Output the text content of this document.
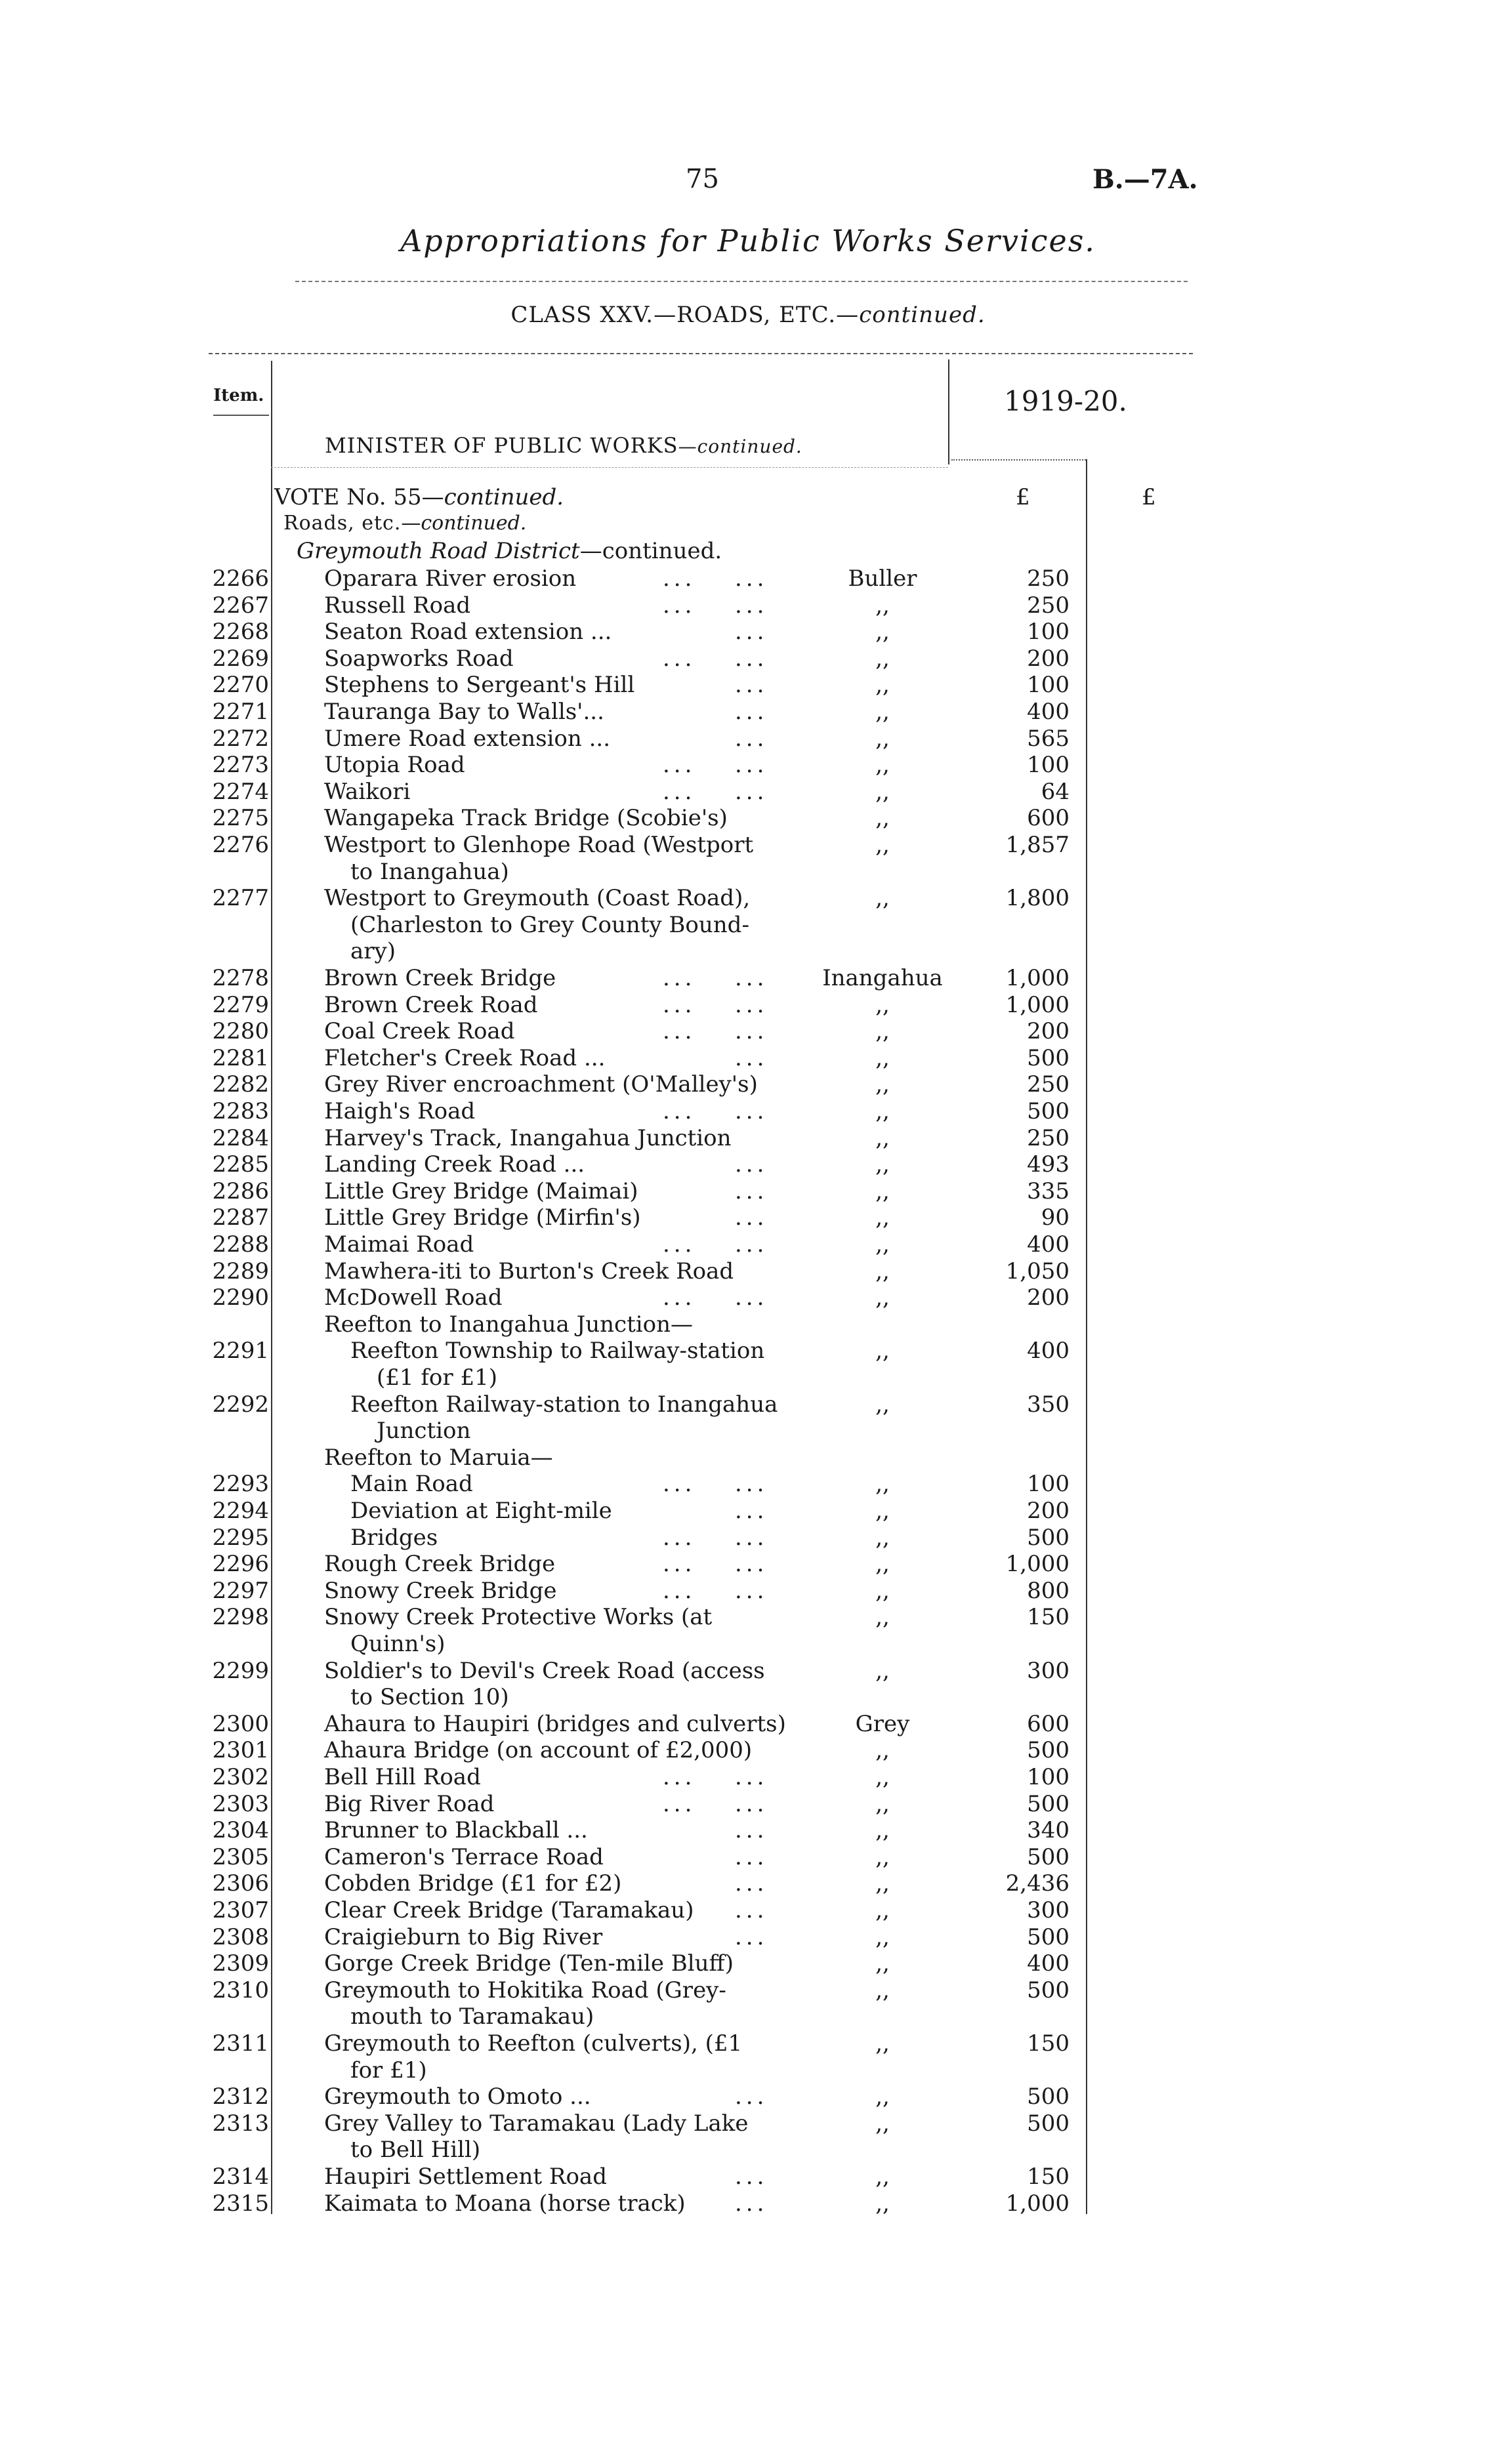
75	B.—7A.
Appropriations for Public Works Services.
CLASS XXV.—ROADS, ETC.—continued.
Item.	1919-20.
MINISTER OF PUBLIC WORKS—continued.
VOTE No. 55—continued.	£	£
Roads, etc.—continued.
Greymouth Road District—continued.
2266 Oparara River erosion	... ...	Buller	250
2267 Russell Road	... ...	,,	250
2268 Seaton Road extension ...	...	,,	100
2269 Soapworks Road	... ...	,,	200
2270 Stephens to Sergeant's Hill	...	,,	100
2271 Tauranga Bay to Walls'...	...	,,	400
2272 Umere Road extension ...	...	,,	565
2273 Utopia Road	... ...	,,	100
2274 Waikori	... ...	,,	64
2275 Wangapeka Track Bridge (Scobie's)	,,	600
2276 Westport to Glenhope Road (Westport
to Inangahua)
,,	1,857
2277 Westport to Greymouth (Coast Road),
(Charleston to Grey County Bound-
ary)
,,	1,800
2278 Brown Creek Bridge	... ...	Inangahua	1,000
2279 Brown Creek Road	... ...	,,	1,000
2280 Coal Creek Road	... ...	,,	200
2281 Fletcher's Creek Road ...	...	,,	500
2282 Grey River encroachment (O'Malley's)	,,	250
2283 Haigh's Road	... ...	,,	500
2284 Harvey's Track, Inangahua Junction	,,	250
2285 Landing Creek Road ...	...	,,	493
2286 Little Grey Bridge (Maimai)	...	,,	335
2287 Little Grey Bridge (Mirfin's)	...	,,	90
2288 Maimai Road	... ...	,,	400
2289 Mawhera-iti to Burton's Creek Road	,,	1,050
2290 McDowell Road	... ...	,,	200
Reefton to Inangahua Junction—
2291	Reefton Township to Railway-station
(£1 for £1)
,,	400
2292	Reefton Railway-station to Inangahua
Junction
,,	350
Reefton to Maruia—
2293	Main Road	... ...	,,	100
2294	Deviation at Eight-mile	...	,,	200
2295	Bridges	... ...	,,	500
2296 Rough Creek Bridge	... ...	,,	1,000
2297 Snowy Creek Bridge	... ...	,,	800
2298 Snowy Creek Protective Works (at
Quinn's)
,,	150
2299 Soldier's to Devil's Creek Road (access
to Section 10)
,,	300
2300 Ahaura to Haupiri (bridges and culverts)	Grey	600
2301 Ahaura Bridge (on account of £2,000)	,,	500
2302 Bell Hill Road	... ...	,,	100
2303 Big River Road	... ...	,,	500
2304 Brunner to Blackball ...	...	,,	340
2305 Cameron's Terrace Road	...	,,	500
2306 Cobden Bridge (£1 for £2)	...	,,	2,436
2307 Clear Creek Bridge (Taramakau) ...	,,	300
2308 Craigieburn to Big River	...	,,	500
2309 Gorge Creek Bridge (Ten-mile Bluff)	,,	400
2310 Greymouth to Hokitika Road (Grey-
mouth to Taramakau)
,,	500
2311 Greymouth to Reefton (culverts), (£1
for £1)
,,	150
2312 Greymouth to Omoto ...	...	,,	500
2313 Grey Valley to Taramakau (Lady Lake
to Bell Hill)
,,	500
2314 Haupiri Settlement Road	...	,,	150
2315 Kaimata to Moana (horse track) ...	,,	1,000
